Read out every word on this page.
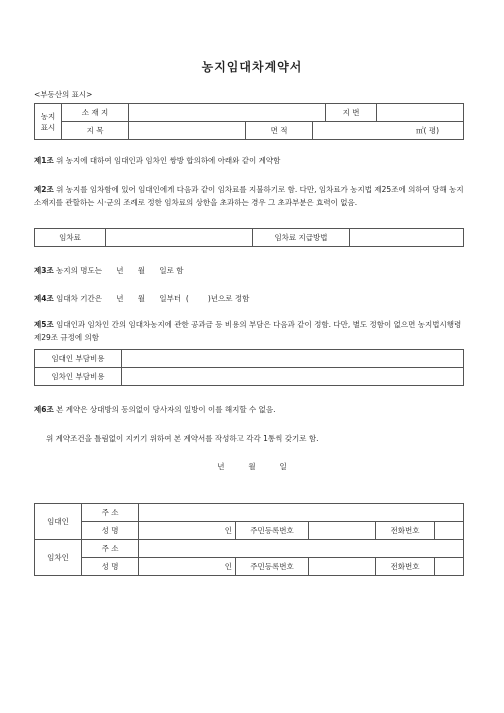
농지임대차계약서
<부동산의 표시>
농지
표시	소 재 지				지 번	
	지 목		면 적	㎡( 평)		
제1조 위 농지에 대하여 임대인과 임차인 쌍방 합의하에 아래와 같이 계약함
제2조 위 농지를 임차함에 있어 임대인에게 다음과 같이 임차료를 지불하기로 함. 다만, 임차료가 농지법 제25조에 의하여 당해 농지소재지를 관할하는 시·군의 조례로 정한 임차료의 상한을 초과하는 경우 그 초과부분은 효력이 없음.
임차료		임차료 지급방법	
제3조 농지의 명도는      년      월      일로 함
제4조 임대차 기간은      년      월      일부터  (        )년으로 정함
제5조 임대인과 임차인 간의 임대차농지에 관한 공과금 등 비용의 부담은 다음과 같이 정함. 다만, 별도 정함이 없으면 농지법시행령 제29조 규정에 의함
임대인 부담비용	
임차인 부담비용	
제6조 본 계약은 상대방의 동의없이 당사자의 일방이 이를 해지할 수 없음.
위 계약조건을 틀림없이 지키기 위하여 본 계약서를 작성하고 각각 1통씩 갖기로 함.
년          월          일
임대인	주 소					
	성 명	인	주민등록번호		전화번호	
임차인	주 소					
	성 명	인	주민등록번호		전화번호	
